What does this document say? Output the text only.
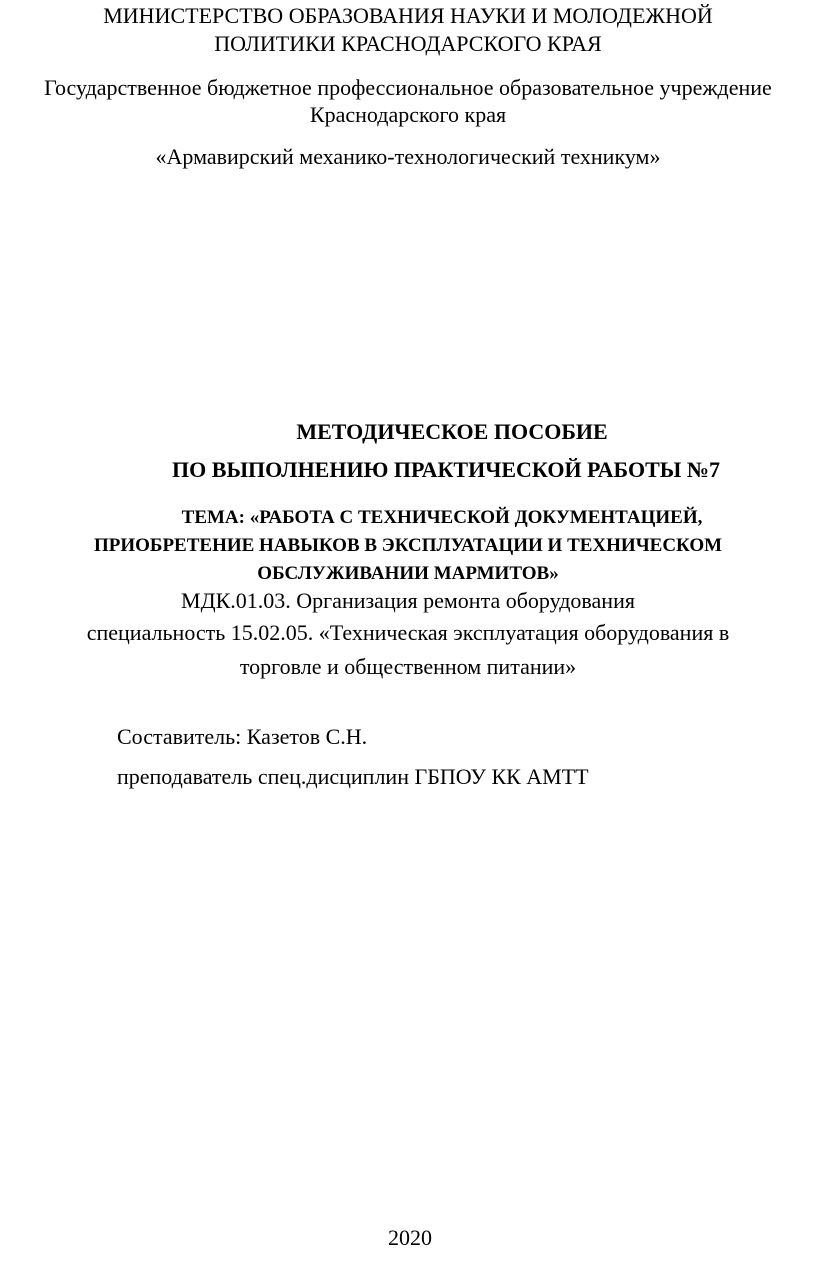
МИНИСТЕРСТВО ОБРАЗОВАНИЯ НАУКИ И МОЛОДЕЖНОЙ
ПОЛИТИКИ КРАСНОДАРСКОГО КРАЯ
Государственное бюджетное профессиональное образовательное учреждение
Краснодарского края
«Армавирский механико-технологический техникум»
МЕТОДИЧЕСКОЕ ПОСОБИЕ
ПО ВЫПОЛНЕНИЮ ПРАКТИЧЕСКОЙ РАБОТЫ №7
ТЕМА: «РАБОТА С ТЕХНИЧЕСКОЙ ДОКУМЕНТАЦИЕЙ,
ПРИОБРЕТЕНИЕ НАВЫКОВ В ЭКСПЛУАТАЦИИ И ТЕХНИЧЕСКОМ
ОБСЛУЖИВАНИИ МАРМИТОВ»
МДК.01.03. Организация ремонта оборудования
специальность 15.02.05. «Техническая эксплуатация оборудования в
торговле и общественном питании»
Составитель: Казетов С.Н.
преподаватель спец.дисциплин ГБПОУ КК АМТТ
2020
